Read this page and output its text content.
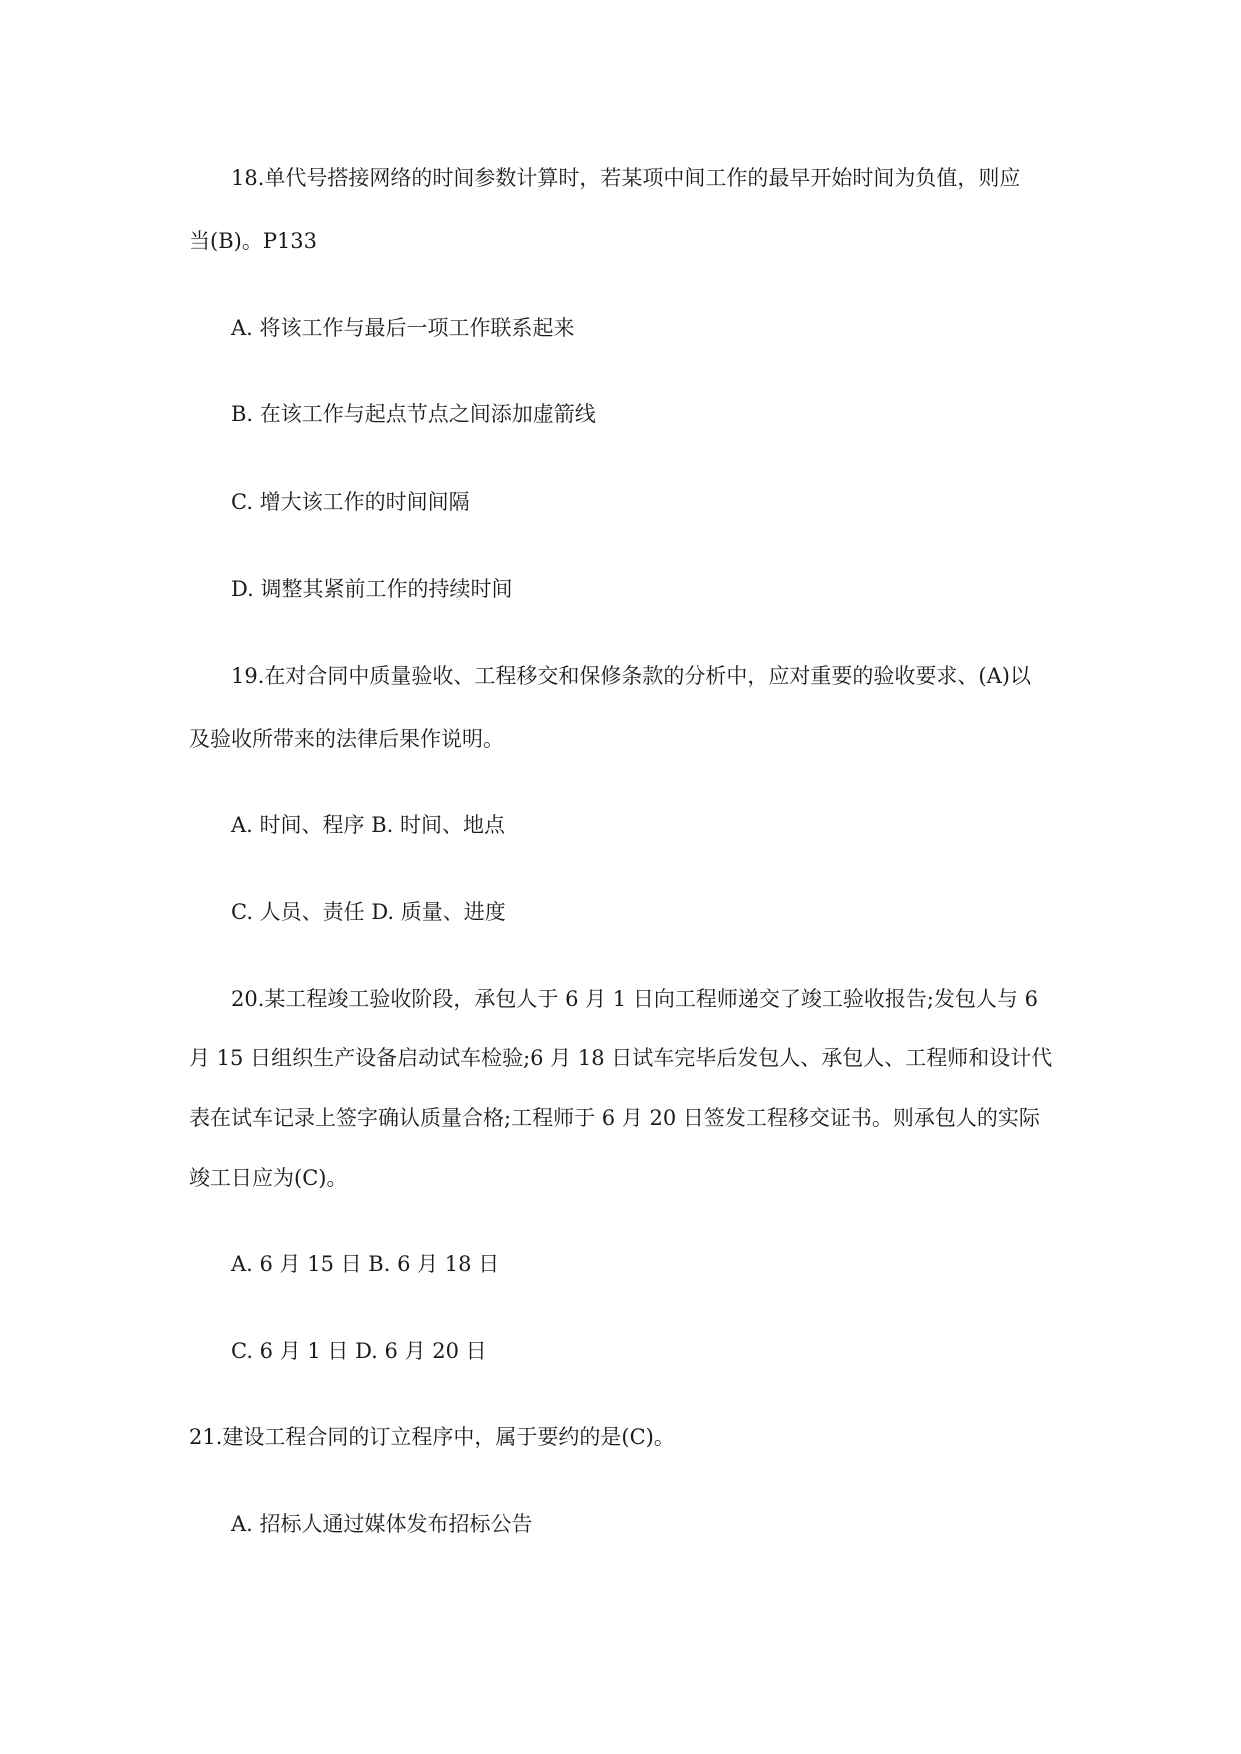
18.单代号搭接网络的时间参数计算时，若某项中间工作的最早开始时间为负值，则应

当(B)。P133

A. 将该工作与最后一项工作联系起来

B. 在该工作与起点节点之间添加虚箭线

C. 增大该工作的时间间隔

D. 调整其紧前工作的持续时间

19.在对合同中质量验收、工程移交和保修条款的分析中，应对重要的验收要求、(A)以

及验收所带来的法律后果作说明。

A. 时间、程序 B. 时间、地点

C. 人员、责任 D. 质量、进度

20.某工程竣工验收阶段，承包人于 6 月 1 日向工程师递交了竣工验收报告;发包人与 6

月 15 日组织生产设备启动试车检验;6 月 18 日试车完毕后发包人、承包人、工程师和设计代

表在试车记录上签字确认质量合格;工程师于 6 月 20 日签发工程移交证书。则承包人的实际

竣工日应为(C)。

A. 6 月 15 日 B. 6 月 18 日

C. 6 月 1 日 D. 6 月 20 日

21.建设工程合同的订立程序中，属于要约的是(C)。

A. 招标人通过媒体发布招标公告
